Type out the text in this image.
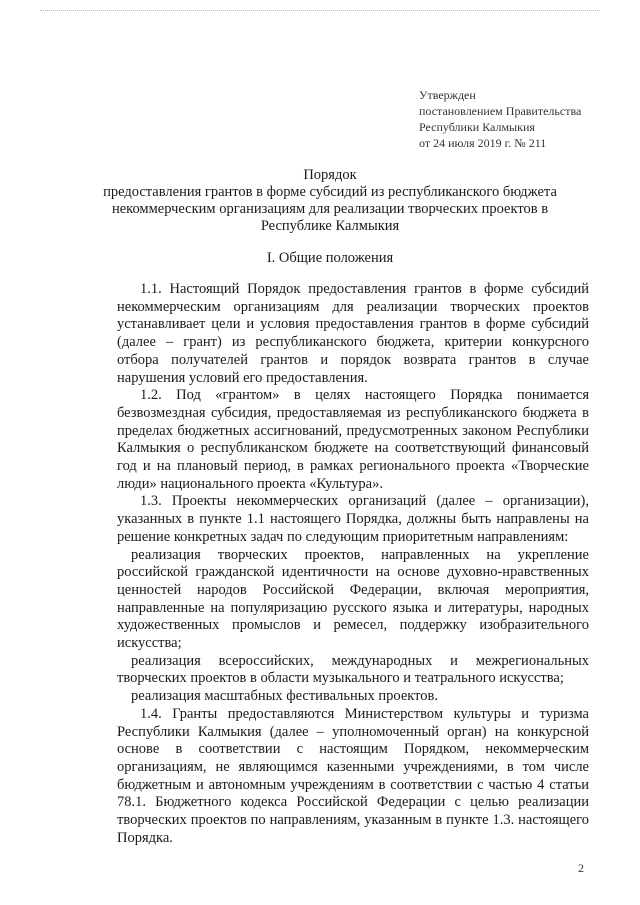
Утвержден
постановлением Правительства
Республики Калмыкия
от 24 июля 2019 г. № 211
Порядок
предоставления грантов в форме субсидий из республиканского бюджета
некоммерческим организациям для реализации творческих проектов в
Республике Калмыкия
I. Общие положения

1.1. Настоящий Порядок предоставления грантов в форме субсидий некоммерческим организациям для реализации творческих проектов устанавливает цели и условия предоставления грантов в форме субсидий (далее – грант) из республиканского бюджета, критерии конкурсного отбора получателей грантов и порядок возврата грантов в случае нарушения условий его предоставления.

1.2. Под «грантом» в целях настоящего Порядка понимается безвозмездная субсидия, предоставляемая из республиканского бюджета в пределах бюджетных ассигнований, предусмотренных законом Республики Калмыкия о республиканском бюджете на соответствующий финансовый год и на плановый период, в рамках регионального проекта «Творческие люди» национального проекта «Культура».

1.3. Проекты некоммерческих организаций (далее – организации), указанных в пункте 1.1 настоящего Порядка, должны быть направлены на решение конкретных задач по следующим приоритетным направлениям:

реализация творческих проектов, направленных на укрепление российской гражданской идентичности на основе духовно-нравственных ценностей народов Российской Федерации, включая мероприятия, направленные на популяризацию русского языка и литературы, народных художественных промыслов и ремесел, поддержку изобразительного искусства;

реализация всероссийских, международных и межрегиональных творческих проектов в области музыкального и театрального искусства;

реализация масштабных фестивальных проектов.

1.4. Гранты предоставляются Министерством культуры и туризма Республики Калмыкия (далее – уполномоченный орган) на конкурсной основе в соответствии с настоящим Порядком, некоммерческим организациям, не являющимся казенными учреждениями, в том числе бюджетным и автономным учреждениям в соответствии с частью 4 статьи 78.1. Бюджетного кодекса Российской Федерации с целью реализации творческих проектов по направлениям, указанным в пункте 1.3. настоящего Порядка.

2
